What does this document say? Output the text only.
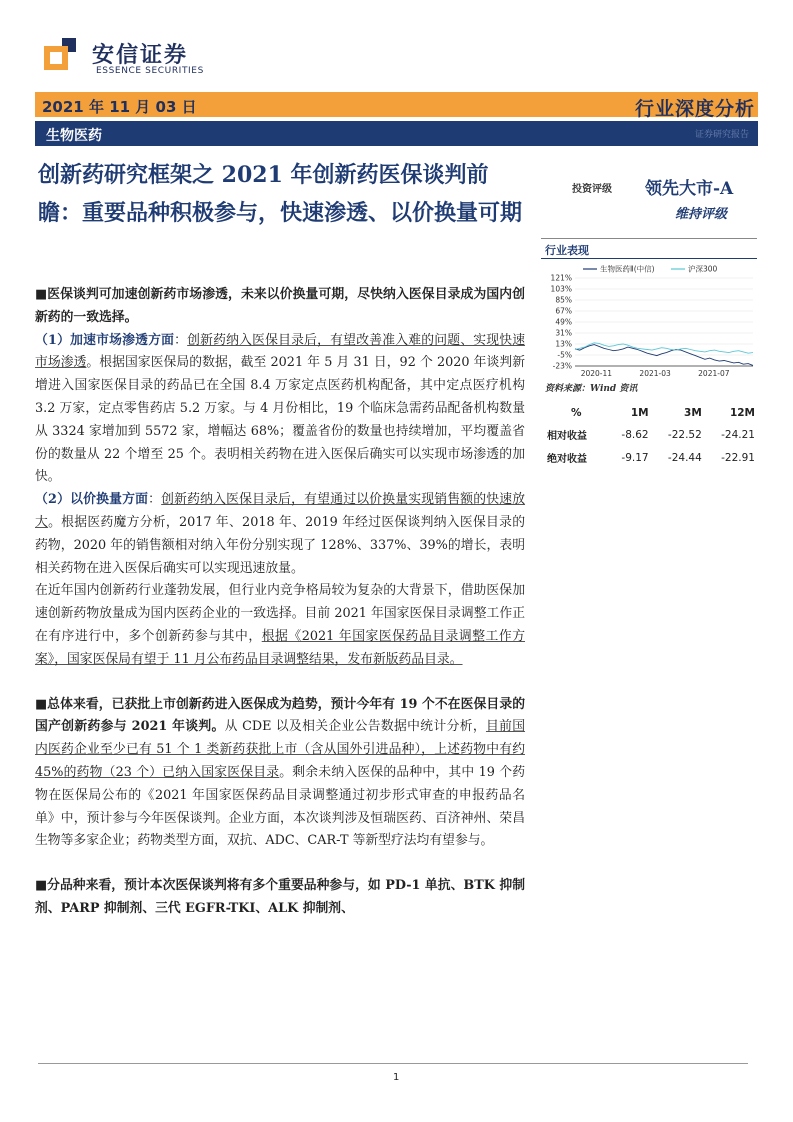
安信证券
ESSENCE SECURITIES
2021 年 11 月 03 日	行业深度分析
生物医药	证券研究报告
创新药研究框架之 2021 年创新药医保谈判前瞻：重要品种积极参与，快速渗透、以价换量可期

■医保谈判可加速创新药市场渗透，未来以价换量可期，尽快纳入医保目录成为国内创新药的一致选择。

（1）加速市场渗透方面：创新药纳入医保目录后，有望改善准入难的问题、实现快速市场渗透。根据国家医保局的数据，截至 2021 年 5 月 31 日，92 个 2020 年谈判新增进入国家医保目录的药品已在全国 8.4 万家定点医药机构配备，其中定点医疗机构 3.2 万家，定点零售药店 5.2 万家。与 4 月份相比，19 个临床急需药品配备机构数量从 3324 家增加到 5572 家，增幅达 68%；覆盖省份的数量也持续增加，平均覆盖省份的数量从 22 个增至 25 个。表明相关药物在进入医保后确实可以实现市场渗透的加快。

（2）以价换量方面：创新药纳入医保目录后，有望通过以价换量实现销售额的快速放大。根据医药魔方分析，2017 年、2018 年、2019 年经过医保谈判纳入医保目录的药物，2020 年的销售额相对纳入年份分别实现了 128%、337%、39%的增长，表明相关药物在进入医保后确实可以实现迅速放量。

在近年国内创新药行业蓬勃发展，但行业内竞争格局较为复杂的大背景下，借助医保加速创新药物放量成为国内医药企业的一致选择。目前 2021 年国家医保目录调整工作正在有序进行中，多个创新药参与其中，根据《2021 年国家医保药品目录调整工作方案》，国家医保局有望于 11 月公布药品目录调整结果，发布新版药品目录。

■总体来看，已获批上市创新药进入医保成为趋势，预计今年有 19 个不在医保目录的国产创新药参与 2021 年谈判。从 CDE 以及相关企业公告数据中统计分析，目前国内医药企业至少已有 51 个 1 类新药获批上市（含从国外引进品种），上述药物中有约 45%的药物（23 个）已纳入国家医保目录。剩余未纳入医保的品种中，其中 19 个药物在医保局公布的《2021 年国家医保药品目录调整通过初步形式审查的申报药品名单》中，预计参与今年医保谈判。企业方面，本次谈判涉及恒瑞医药、百济神州、荣昌生物等多家企业；药物类型方面，双抗、ADC、CAR-T 等新型疗法均有望参与。

■分品种来看，预计本次医保谈判将有多个重要品种参与，如 PD-1 单抗、BTK 抑制剂、PARP 抑制剂、三代 EGFR-TKI、ALK 抑制剂、

投资评级 领先大市-A
维持评级
行业表现
121%
103%
85%
67%
49%
31%
13%
-5%
-23%
2020-11	2021-03	2021-07
生物医药Ⅱ(中信)	沪深300
资料来源：Wind 资讯
%	1M	3M	12M
相对收益	-8.62	-22.52	-24.21
绝对收益	-9.17	-24.44	-22.91
1
